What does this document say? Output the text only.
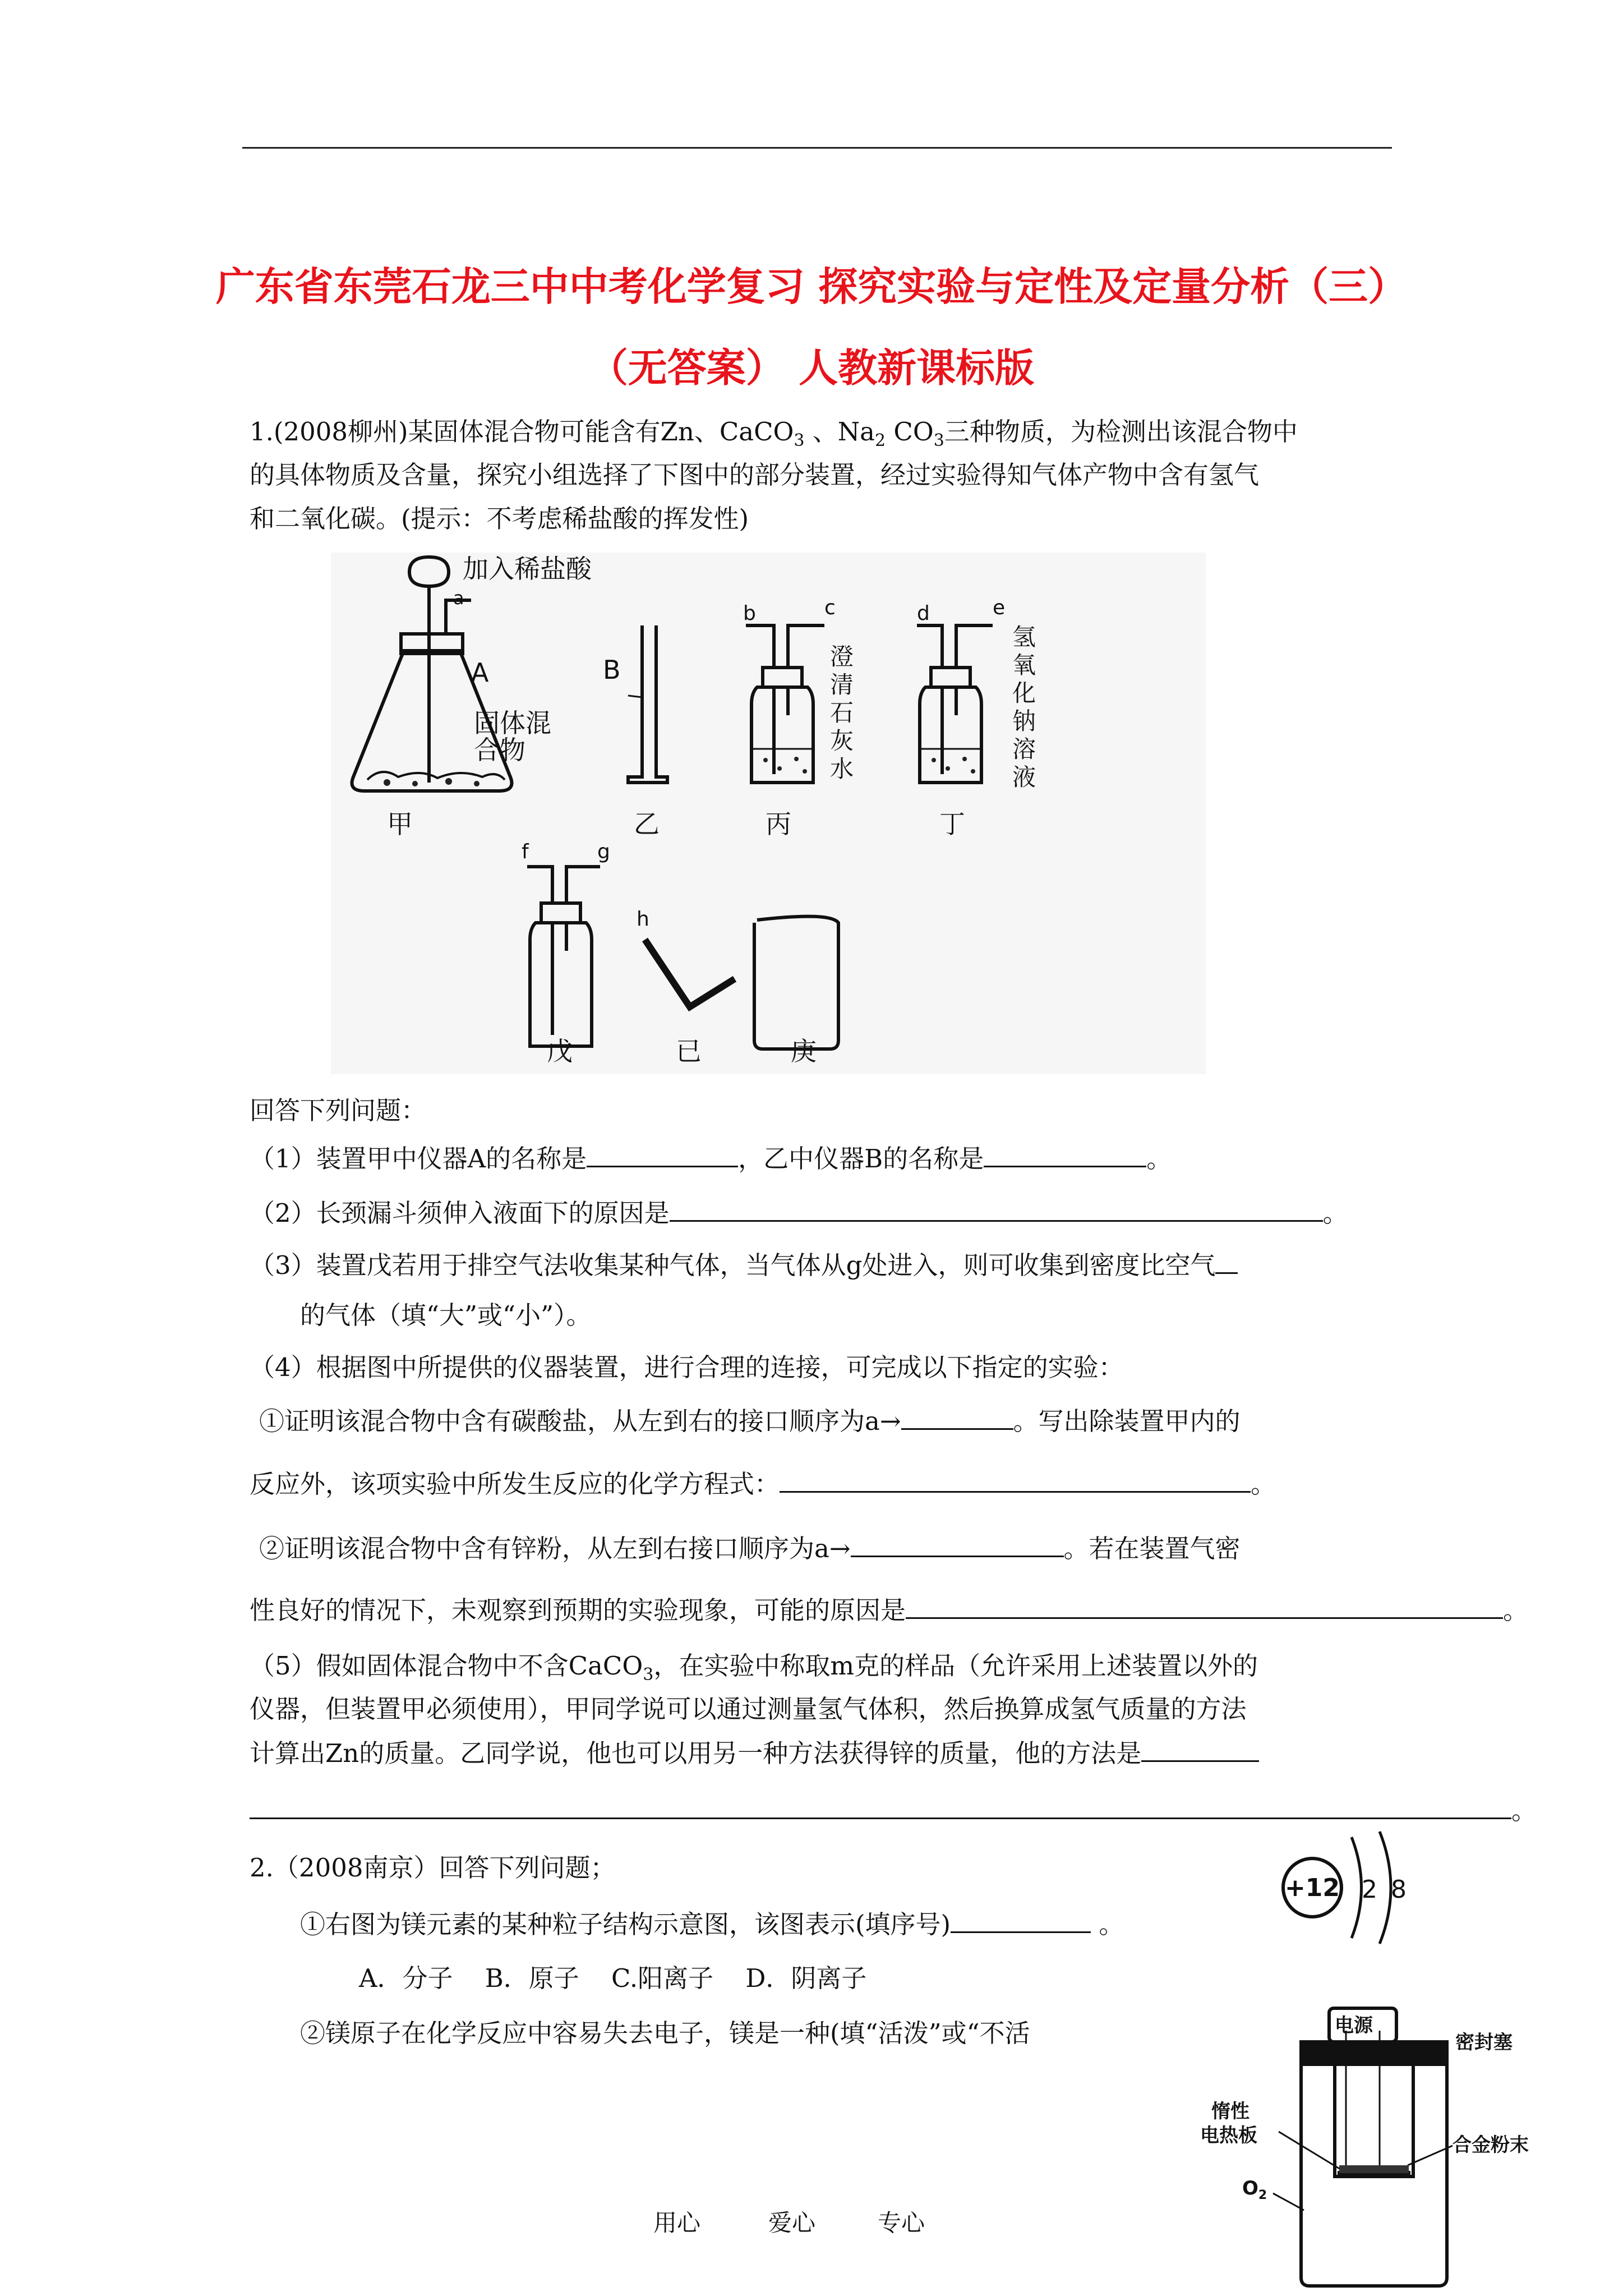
广东省东莞石龙三中中考化学复习 探究实验与定性及定量分析（三）
（无答案） 人教新课标版
1.(2008柳州)某固体混合物可能含有Zn、CaCO$_3$ 、$Na_2$ $CO_3$三种物质，为检测出该混合物中
的具体物质及含量，探究小组选择了下图中的部分装置，经过实验得知气体产物中含有氢气
和二氧化碳。(提示：不考虑稀盐酸的挥发性)
加入稀盐酸
a
A
固体混
合物
B
b	c	d	e
f	g
h
甲	乙	丙	丁
戊	已	庚
澄
清
石
灰
水
氢
氧
化
钠
溶
液
回答下列问题：
（1）装置甲中仪器A的名称是	，乙中仪器B的名称是	。
（2）长颈漏斗须伸入液面下的原因是	。
（3）装置戊若用于排空气法收集某种气体，当气体从g处进入，则可收集到密度比空气
的气体（填“大”或“小”）。
（4）根据图中所提供的仪器装置，进行合理的连接，可完成以下指定的实验：
①证明该混合物中含有碳酸盐，从左到右的接口顺序为a→	。写出除装置甲内的
反应外，该项实验中所发生反应的化学方程式：	。
②证明该混合物中含有锌粉，从左到右接口顺序为a→	。若在装置气密
性良好的情况下，未观察到预期的实验现象，可能的原因是	。
（5）假如固体混合物中不含CaCO$_3$，在实验中称取m克的样品（允许采用上述装置以外的
仪器，但装置甲必须使用），甲同学说可以通过测量氢气体积，然后换算成氢气质量的方法
计算出Zn的质量。乙同学说，他也可以用另一种方法获得锌的质量，他的方法是
。
2.（2008南京）回答下列问题；
①右图为镁元素的某种粒子结构示意图，该图表示(填序号)	。
A．分子    B．原子    C.阳离子    D．阴离子
②镁原子在化学反应中容易失去电子，镁是一种(填“活泼”或“不活
+12 2 8
电源
密封塞
惰性
电热板	合金粉末
$O_2$
用心	爱心	专心
